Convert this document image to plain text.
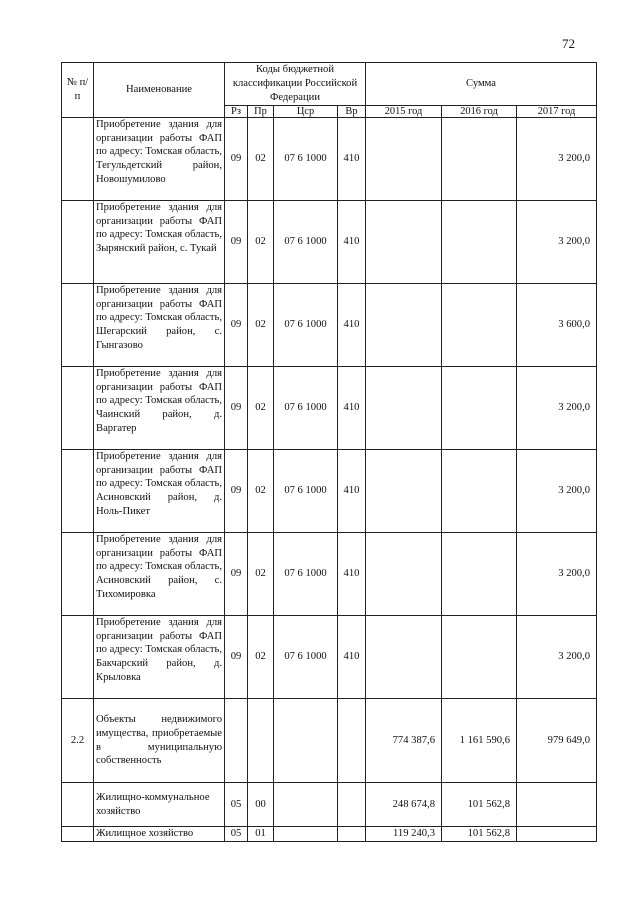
72
№ п/п	Наименование	Коды бюджетной классификации Российской Федерации				Сумма		
		Рз	Пр	Цср	Вр	2015 год	2016 год	2017 год
	Приобретение здания для организации работы ФАП по адресу: Томская область, Тегульдетский район, Новошумилово	09	02	07 6 1000	410			3 200,0
	Приобретение здания для организации работы ФАП по адресу: Томская область, Зырянский район, с. Тукай	09	02	07 6 1000	410			3 200,0
	Приобретение здания для организации работы ФАП по адресу: Томская область, Шегарский район, с. Гынгазово	09	02	07 6 1000	410			3 600,0
	Приобретение здания для организации работы ФАП по адресу: Томская область, Чаинский район, д. Варгатер	09	02	07 6 1000	410			3 200,0
	Приобретение здания для организации работы ФАП по адресу: Томская область, Асиновский район, д. Ноль-Пикет	09	02	07 6 1000	410			3 200,0
	Приобретение здания для организации работы ФАП по адресу: Томская область, Асиновский район, с. Тихомировка	09	02	07 6 1000	410			3 200,0
	Приобретение здания для организации работы ФАП по адресу: Томская область, Бакчарский район, д. Крыловка	09	02	07 6 1000	410			3 200,0
2.2	Объекты недвижимого имущества, приобретаемые в муниципальную собственность					774 387,6	1 161 590,6	979 649,0
	Жилищно-коммунальное хозяйство	05	00			248 674,8	101 562,8	
	Жилищное хозяйство	05	01			119 240,3	101 562,8	
